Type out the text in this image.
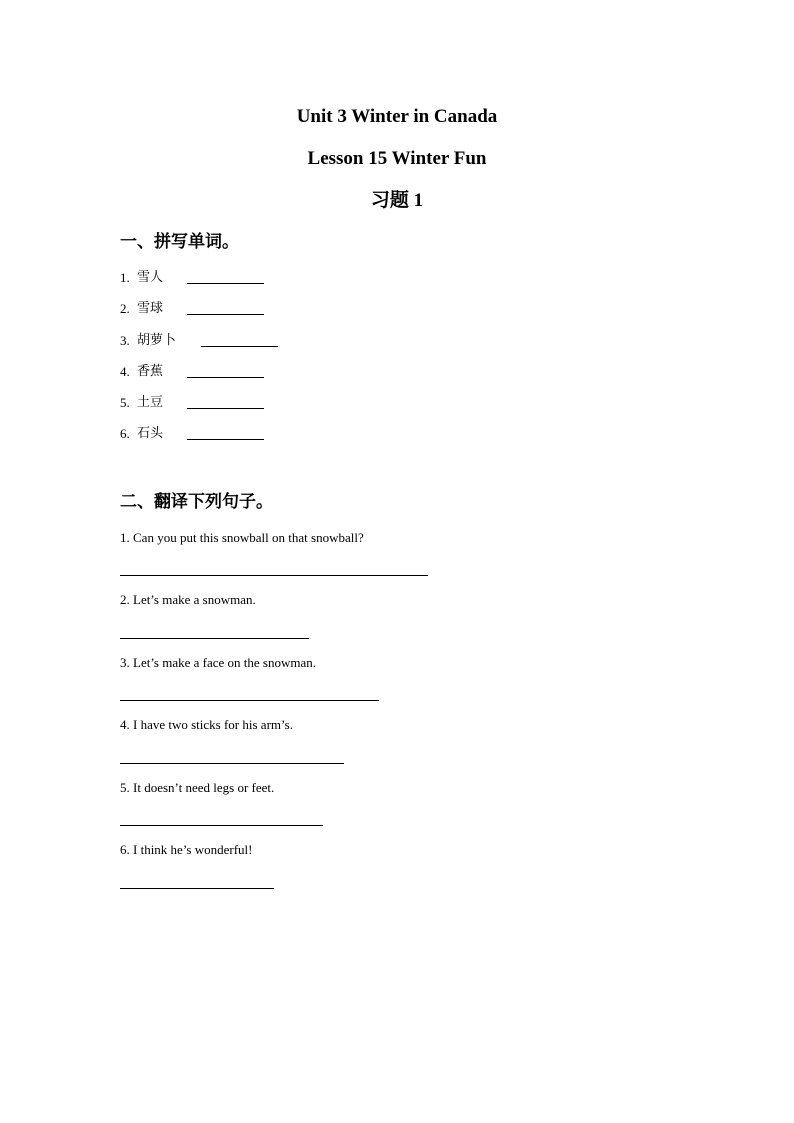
Unit 3 Winter in Canada
Lesson 15 Winter Fun
习题 1
一、拼写单词。
1. 雪人
2. 雪球
3. 胡萝卜
4. 香蕉
5. 土豆
6. 石头
二、翻译下列句子。
1. Can you put this snowball on that snowball?
2. Let’s make a snowman.
3. Let’s make a face on the snowman.
4. I have two sticks for his arm’s.
5. It doesn’t need legs or feet.
6. I think he’s wonderful!
